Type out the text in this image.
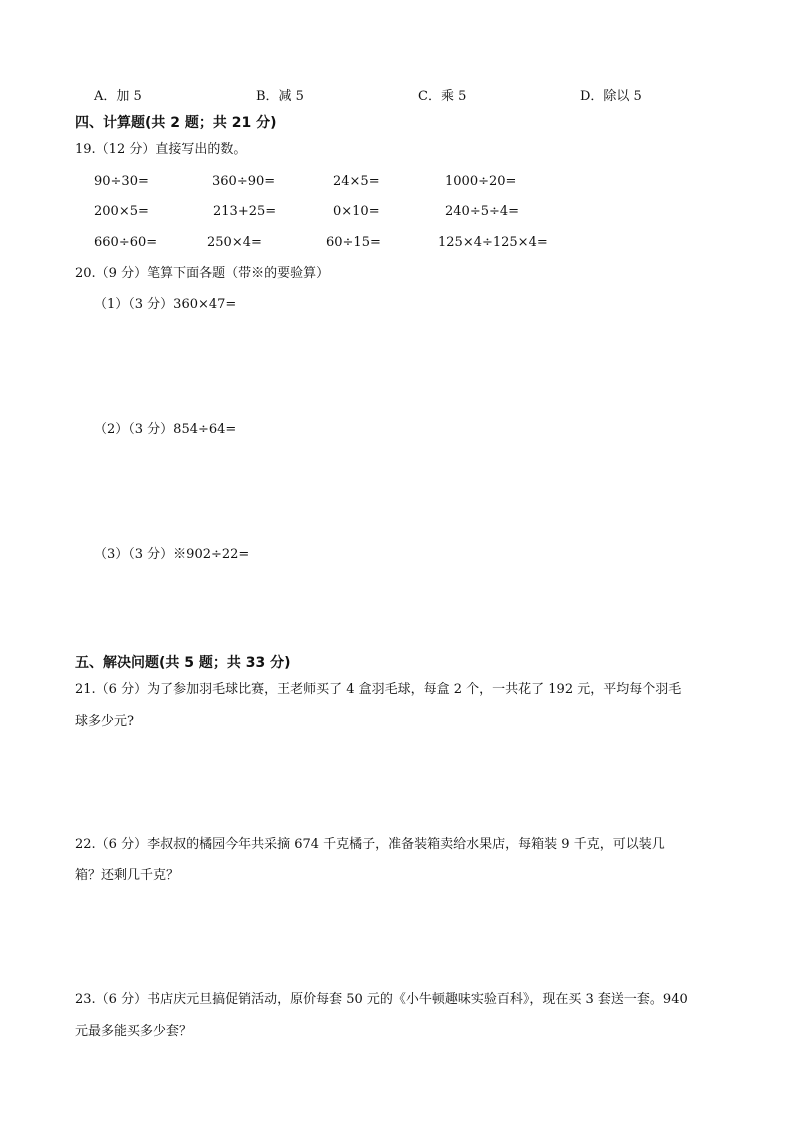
A．加 5	B．减 5	C．乘 5	D．除以 5
四、计算题(共 2 题；共 21 分)
19.（12 分）直接写出的数。
90÷30=	360÷90=	24×5=	1000÷20=
200×5=	213+25=	0×10=	240÷5÷4=
660÷60=	250×4=	60÷15=	125×4÷125×4=
20.（9 分）笔算下面各题（带※的要验算）
（1）（3 分）360×47=
（2）（3 分）854÷64=
（3）（3 分）※902÷22=
五、解决问题(共 5 题；共 33 分)
21.（6 分）为了参加羽毛球比赛，王老师买了 4 盒羽毛球，每盒 2 个，一共花了 192 元，平均每个羽毛
球多少元?
22.（6 分）李叔叔的橘园今年共采摘 674 千克橘子，准备装箱卖给水果店，每箱装 9 千克，可以装几
箱？还剩几千克？
23.（6 分）书店庆元旦搞促销活动，原价每套 50 元的《小牛顿趣味实验百科》，现在买 3 套送一套。940
元最多能买多少套？
